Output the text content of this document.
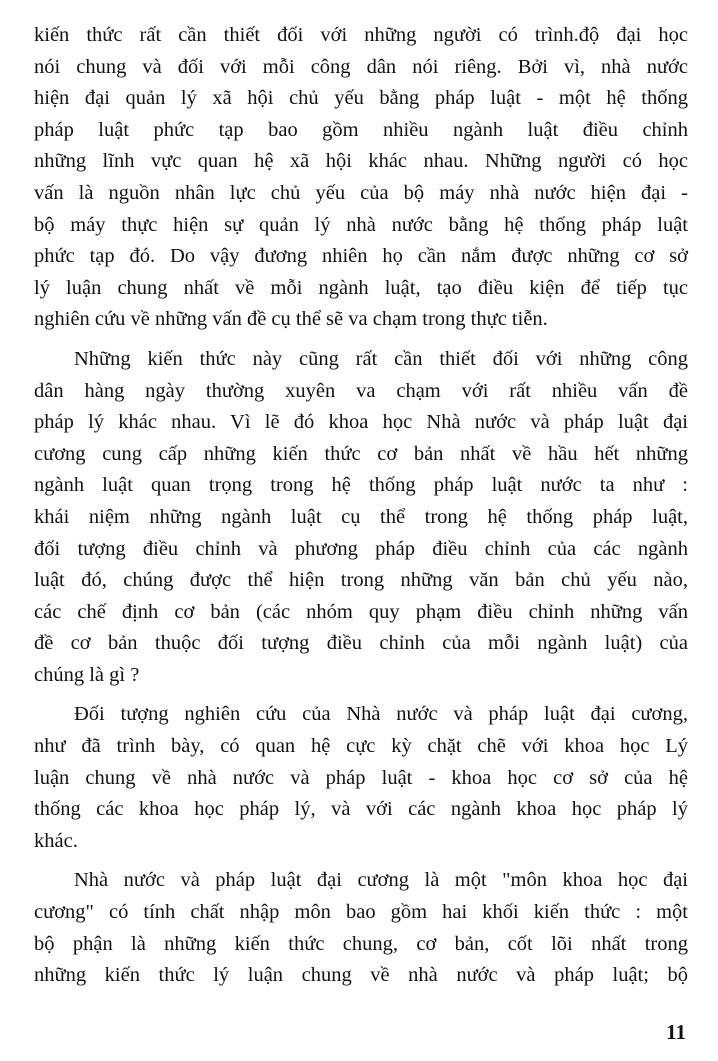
kiến thức rất cần thiết đối với những người có trình.độ đại học
nói chung và đối với mỗi công dân nói riêng. Bởi vì, nhà nước
hiện đại quản lý xã hội chủ yếu bằng pháp luật - một hệ thống
pháp luật phức tạp bao gồm nhiều ngành luật điều chỉnh
những lĩnh vực quan hệ xã hội khác nhau. Những người có học
vấn là nguồn nhân lực chủ yếu của bộ máy nhà nước hiện đại -
bộ máy thực hiện sự quản lý nhà nước bằng hệ thống pháp luật
phức tạp đó. Do vậy đương nhiên họ cần nắm được những cơ sở
lý luận chung nhất về mỗi ngành luật, tạo điều kiện để tiếp tục
nghiên cứu về những vấn đề cụ thể sẽ va chạm trong thực tiễn.
Những kiến thức này cũng rất cần thiết đối với những công
dân hàng ngày thường xuyên va chạm với rất nhiều vấn đề
pháp lý khác nhau. Vì lẽ đó khoa học Nhà nước và pháp luật đại
cương cung cấp những kiến thức cơ bản nhất về hầu hết những
ngành luật quan trọng trong hệ thống pháp luật nước ta như :
khái niệm những ngành luật cụ thể trong hệ thống pháp luật,
đối tượng điều chỉnh và phương pháp điều chỉnh của các ngành
luật đó, chúng được thể hiện trong những văn bản chủ yếu nào,
các chế định cơ bản (các nhóm quy phạm điều chỉnh những vấn
đề cơ bản thuộc đối tượng điều chỉnh của mỗi ngành luật) của
chúng là gì ?
Đối tượng nghiên cứu của Nhà nước và pháp luật đại cương,
như đã trình bày, có quan hệ cực kỳ chặt chẽ với khoa học Lý
luận chung về nhà nước và pháp luật - khoa học cơ sở của hệ
thống các khoa học pháp lý, và với các ngành khoa học pháp lý
khác.
Nhà nước và pháp luật đại cương là một "môn khoa học đại
cương" có tính chất nhập môn bao gồm hai khối kiến thức : một
bộ phận là những kiến thức chung, cơ bản, cốt lõi nhất trong
những kiến thức lý luận chung về nhà nước và pháp luật; bộ
11
